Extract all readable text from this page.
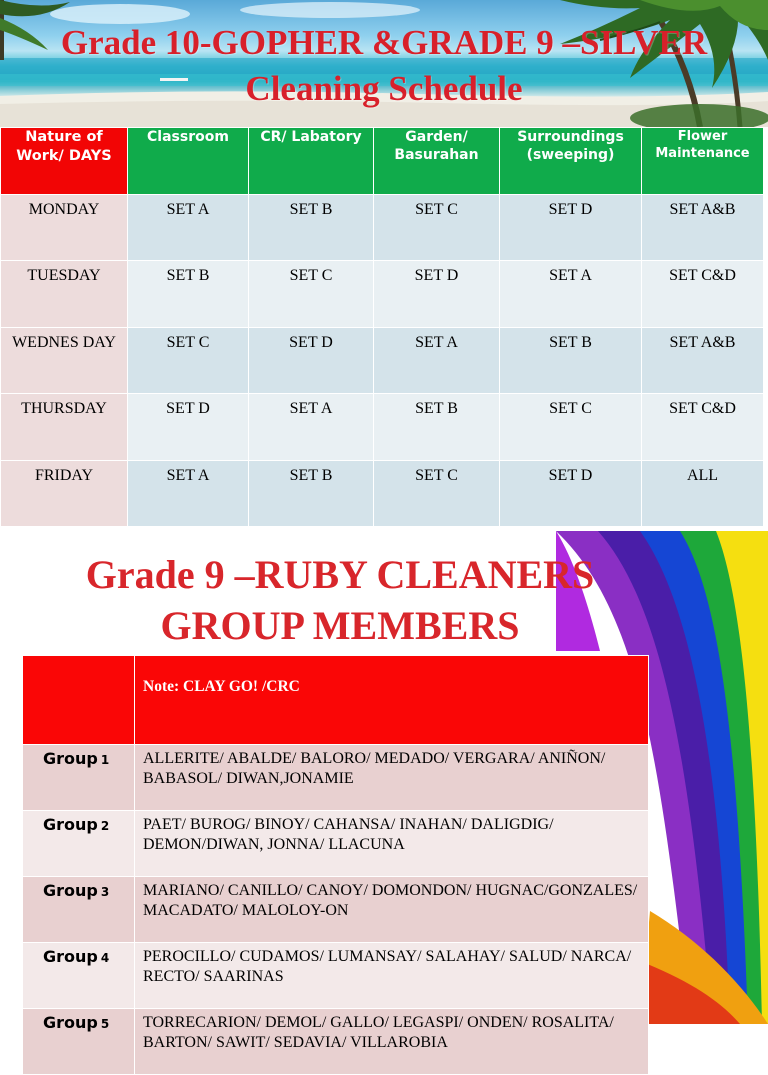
Grade 10-GOPHER &GRADE 9 –SILVER
Cleaning Schedule
Nature of Work/ DAYS	Classroom	CR/ Labatory	Garden/ Basurahan	Surroundings (sweeping)	Flower Maintenance
MONDAY	SET A	SET B	SET C	SET D	SET A&B
TUESDAY	SET B	SET C	SET D	SET A	SET C&D
WEDNES DAY	SET C	SET D	SET A	SET B	SET A&B
THURSDAY	SET D	SET A	SET B	SET C	SET C&D
FRIDAY	SET A	SET B	SET C	SET D	ALL
Grade 9 –RUBY CLEANERS
GROUP MEMBERS
	Note: CLAY GO! /CRC
Group 1	ALLERITE/ ABALDE/ BALORO/ MEDADO/ VERGARA/ ANIÑON/ BABASOL/ DIWAN,JONAMIE
Group 2	PAET/ BUROG/ BINOY/ CAHANSA/ INAHAN/ DALIGDIG/ DEMON/DIWAN, JONNA/ LLACUNA
Group 3	MARIANO/ CANILLO/ CANOY/ DOMONDON/ HUGNAC/GONZALES/ MACADATO/ MALOLOY-ON
Group 4	PEROCILLO/ CUDAMOS/ LUMANSAY/ SALAHAY/ SALUD/ NARCA/ RECTO/ SAARINAS
Group 5	TORRECARION/ DEMOL/ GALLO/ LEGASPI/ ONDEN/ ROSALITA/ BARTON/ SAWIT/ SEDAVIA/ VILLAROBIA
